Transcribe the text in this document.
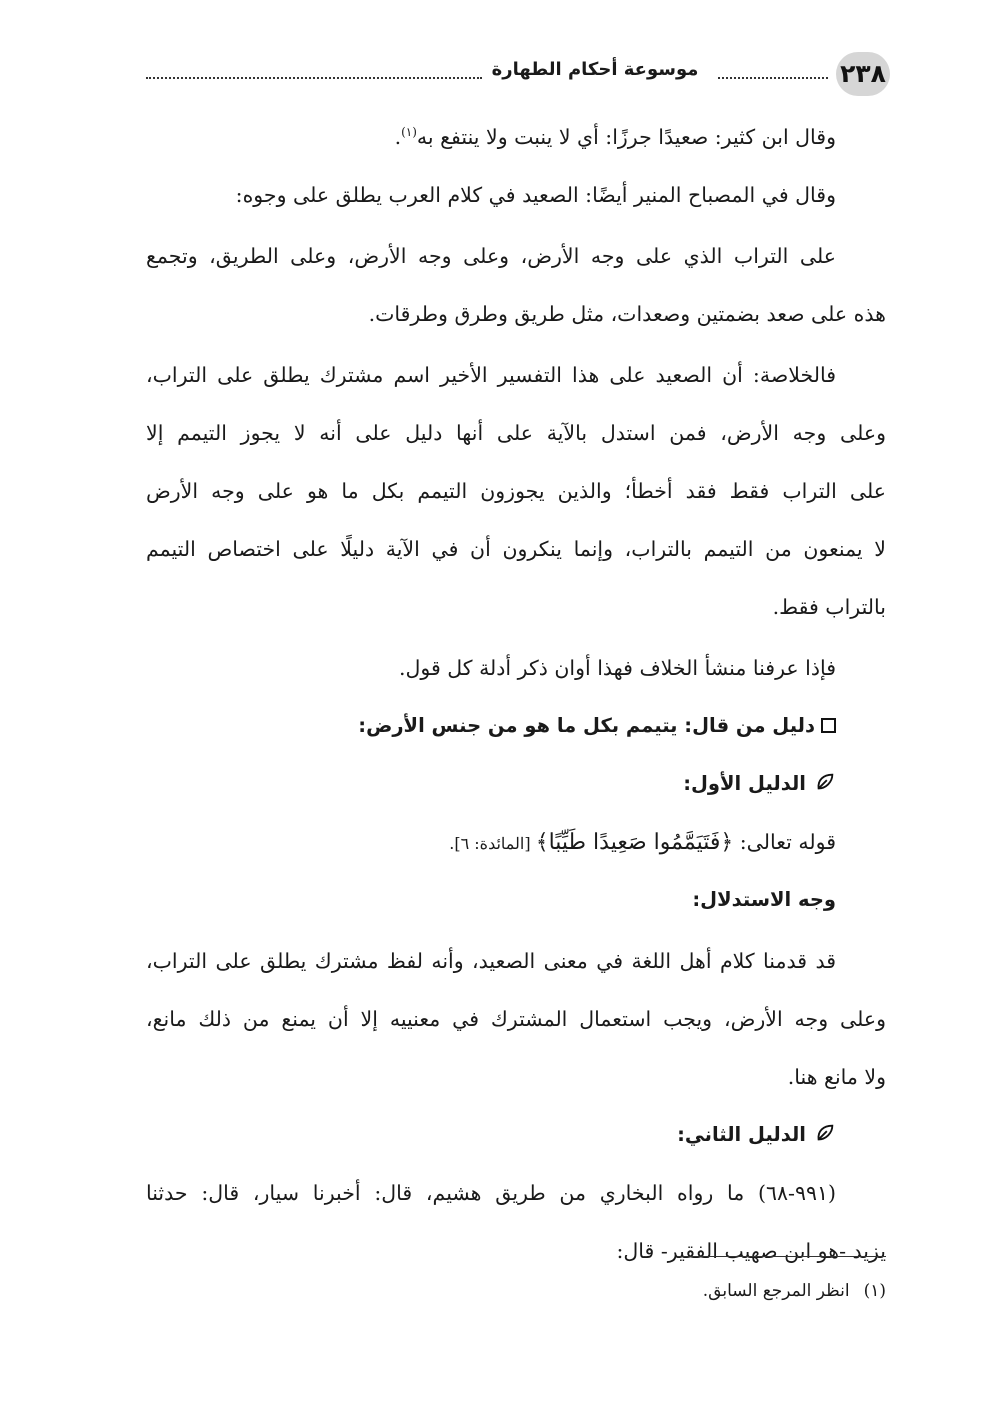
٢٣٨
موسوعة أحكام الطهارة
وقال ابن كثير: صعيدًا جرزًا: أي لا ينبت ولا ينتفع به$^{(١)}$.
وقال في المصباح المنير أيضًا: الصعيد في كلام العرب يطلق على وجوه:
على التراب الذي على وجه الأرض، وعلى وجه الأرض، وعلى الطريق، وتجمع
هذه على صعد بضمتين وصعدات، مثل طريق وطرق وطرقات.
فالخلاصة: أن الصعيد على هذا التفسير الأخير اسم مشترك يطلق على التراب،
وعلى وجه الأرض، فمن استدل بالآية على أنها دليل على أنه لا يجوز التيمم إلا
على التراب فقط فقد أخطأ؛ والذين يجوزون التيمم بكل ما هو على وجه الأرض
لا يمنعون من التيمم بالتراب، وإنما ينكرون أن في الآية دليلًا على اختصاص التيمم
بالتراب فقط.
فإذا عرفنا منشأ الخلاف فهذا أوان ذكر أدلة كل قول.
دليل من قال: يتيمم بكل ما هو من جنس الأرض:
الدليل الأول:
قوله تعالى: ﴿فَتَيَمَّمُوا صَعِيدًا طَيِّبًا﴾ [المائدة: ٦].
وجه الاستدلال:
قد قدمنا كلام أهل اللغة في معنى الصعيد، وأنه لفظ مشترك يطلق على التراب،
وعلى وجه الأرض، ويجب استعمال المشترك في معنييه إلا أن يمنع من ذلك مانع،
ولا مانع هنا.
الدليل الثاني:
(٩٩١-٦٨) ما رواه البخاري من طريق هشيم، قال: أخبرنا سيار، قال: حدثنا
يزيد -هو ابن صهيب الفقير- قال:
(١)انظر المرجع السابق.
